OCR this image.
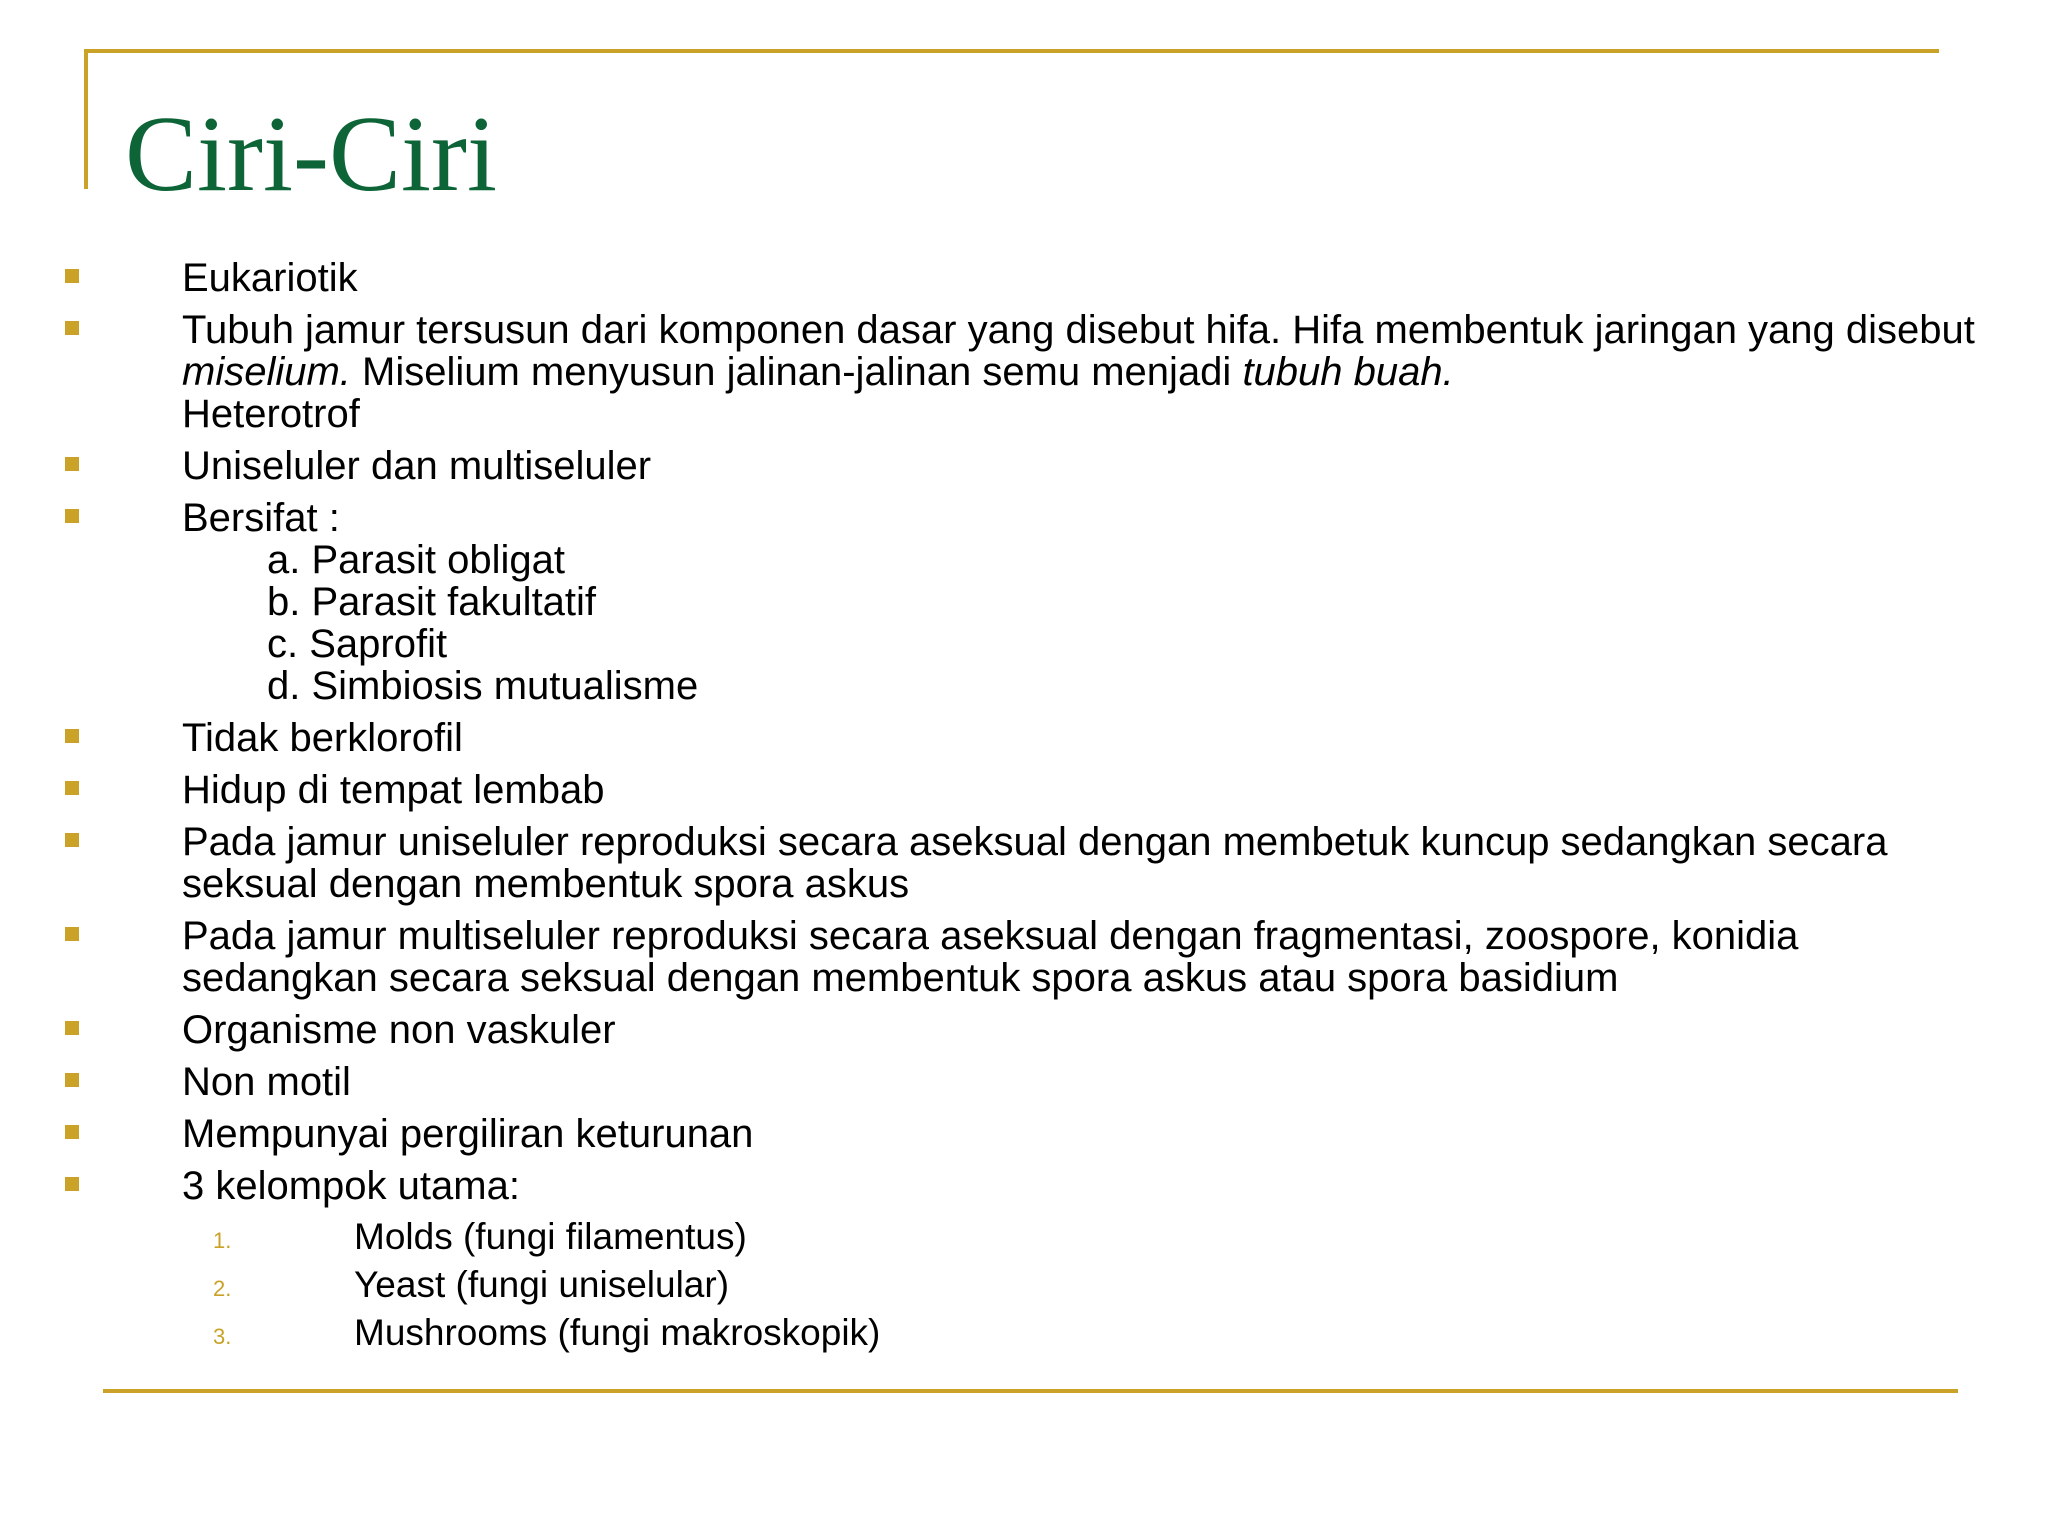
Ciri-Ciri
Eukariotik
Tubuh jamur tersusun dari komponen dasar yang disebut hifa. Hifa membentuk jaringan yang disebut miselium. Miselium menyusun jalinan-jalinan semu menjadi tubuh buah.
Heterotrof
Uniseluler dan multiseluler
Bersifat :
a. Parasit obligat
b. Parasit fakultatif
c. Saprofit
d. Simbiosis mutualisme
Tidak berklorofil
Hidup di tempat lembab
Pada jamur uniseluler reproduksi secara aseksual dengan membetuk kuncup sedangkan secara seksual dengan membentuk spora askus
Pada jamur multiseluler reproduksi secara aseksual dengan fragmentasi, zoospore, konidia sedangkan secara seksual dengan membentuk spora askus atau spora basidium
Organisme non vaskuler
Non motil
Mempunyai pergiliran keturunan
3 kelompok utama:
1.	Molds (fungi filamentus)
2.	Yeast (fungi uniselular)
3.	Mushrooms (fungi makroskopik)
